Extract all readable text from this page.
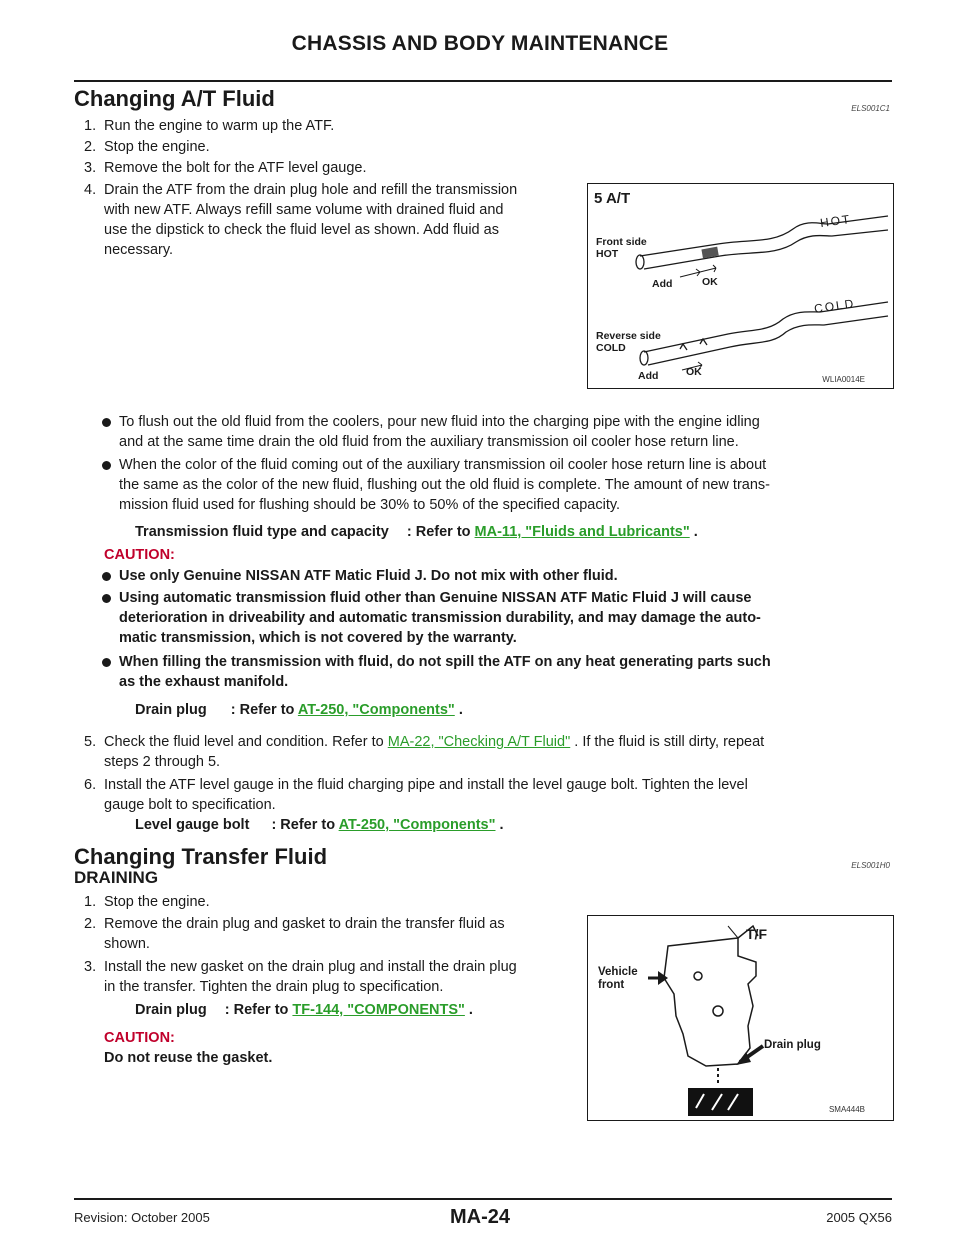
CHASSIS AND BODY MAINTENANCE
Changing A/T Fluid	ELS001C1
1. Run the engine to warm up the ATF.
2. Stop the engine.
3. Remove the bolt for the ATF level gauge.
4. Drain the ATF from the drain plug hole and refill the transmission
with new ATF. Always refill same volume with drained fluid and
use the dipstick to check the fluid level as shown. Add fluid as
necessary.
5 A/T
Front side
HOT
HOT
Add	OK
Reverse side
COLD
COLD
Add	OK
WLIA0014E
To flush out the old fluid from the coolers, pour new fluid into the charging pipe with the engine idling
and at the same time drain the old fluid from the auxiliary transmission oil cooler hose return line.
When the color of the fluid coming out of the auxiliary transmission oil cooler hose return line is about
the same as the color of the new fluid, flushing out the old fluid is complete. The amount of new trans-
mission fluid used for flushing should be 30% to 50% of the specified capacity.
Transmission fluid type and capacity : Refer to MA-11, "Fluids and Lubricants" .
CAUTION:
Use only Genuine NISSAN ATF Matic Fluid J. Do not mix with other fluid.
Using automatic transmission fluid other than Genuine NISSAN ATF Matic Fluid J will cause
deterioration in driveability and automatic transmission durability, and may damage the auto-
matic transmission, which is not covered by the warranty.
When filling the transmission with fluid, do not spill the ATF on any heat generating parts such
as the exhaust manifold.
Drain plug : Refer to AT-250, "Components" .
5. Check the fluid level and condition. Refer to MA-22, "Checking A/T Fluid" . If the fluid is still dirty, repeat
steps 2 through 5.
6. Install the ATF level gauge in the fluid charging pipe and install the level gauge bolt. Tighten the level
gauge bolt to specification.
Level gauge bolt : Refer to AT-250, "Components" .
Changing Transfer Fluid	ELS001H0
DRAINING
1. Stop the engine.
2. Remove the drain plug and gasket to drain the transfer fluid as
shown.
3. Install the new gasket on the drain plug and install the drain plug
in the transfer. Tighten the drain plug to specification.
Drain plug : Refer to TF-144, "COMPONENTS" .
CAUTION:
Do not reuse the gasket.
T/F
Vehicle
front
Drain plug
SMA444B
Revision: October 2005	MA-24	2005 QX56
